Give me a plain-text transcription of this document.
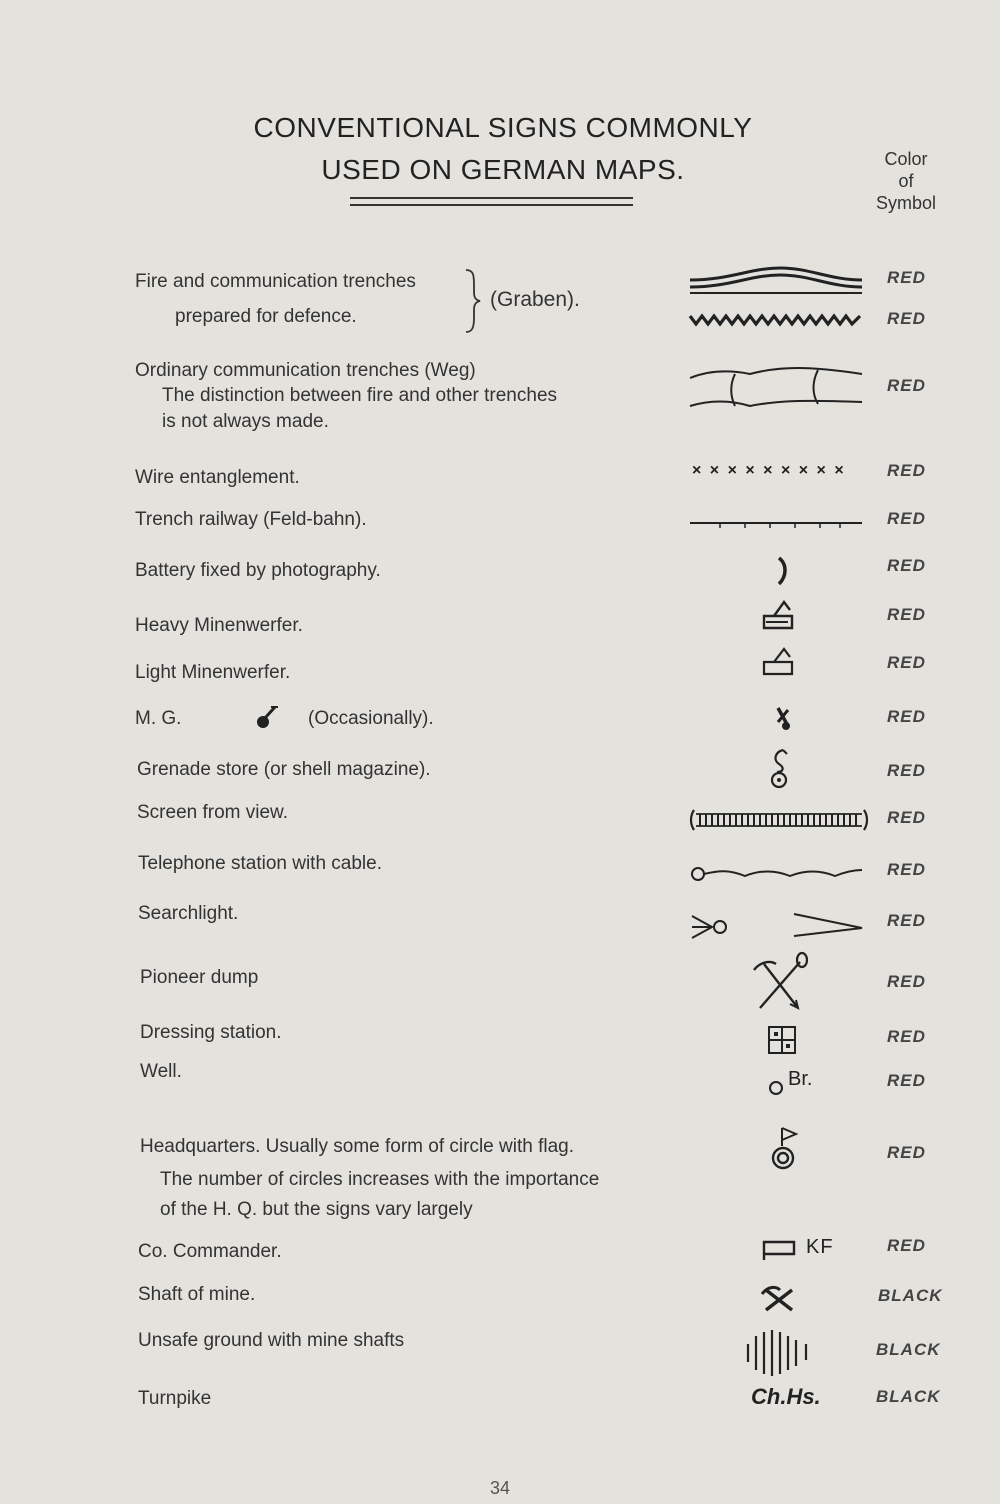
CONVENTIONAL SIGNS COMMONLY
USED ON GERMAN MAPS.	Color
of
Symbol
Fire and communication trenches
prepared for defence.
(Graben).
Ordinary communication trenches (Weg)
The distinction between fire and other trenches
is not always made.
Wire entanglement.
Trench railway (Feld-bahn).
Battery fixed by photography.
Heavy Minenwerfer.
Light Minenwerfer.
M. G.	(Occasionally).
Grenade store (or shell magazine).
Screen from view.
Telephone station with cable.
Searchlight.
Pioneer dump
Dressing station.
Well.
Headquarters. Usually some form of circle with flag.
The number of circles increases with the importance
of the H. Q. but the signs vary largely
Co. Commander.
Shaft of mine.
Unsafe ground with mine shafts
Turnpike
RED
RED
RED
RED
RED
RED
RED
RED
RED
RED
RED
RED
RED
RED
RED
RED
RED
RED
BLACK
BLACK
BLACK
× × × × × × × × ×
Br.
KF
Ch.Hs.
34
